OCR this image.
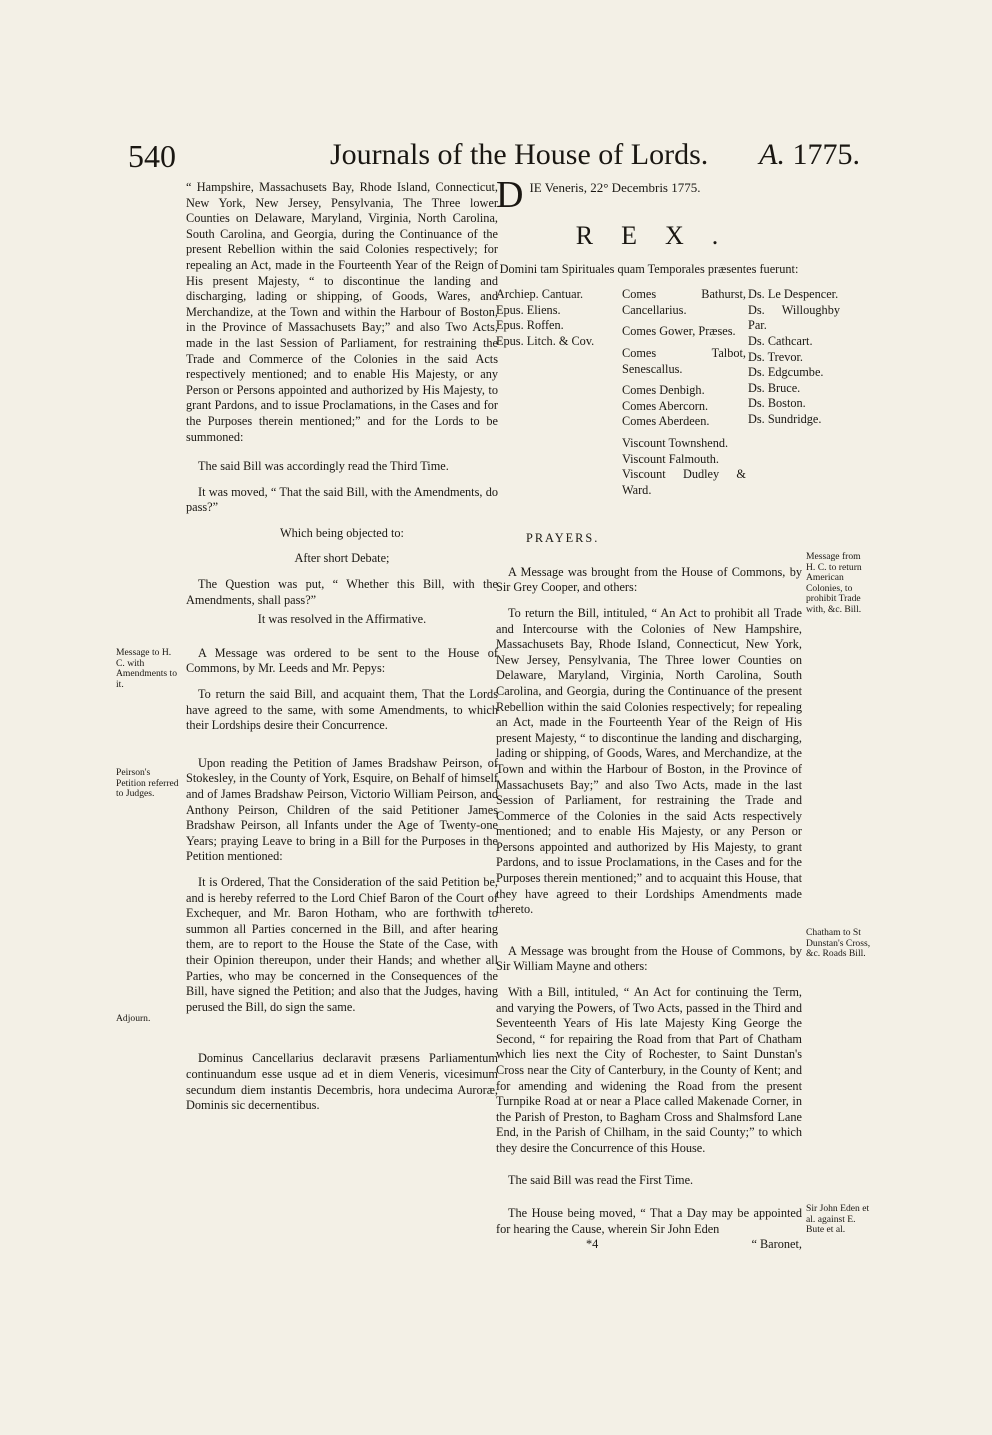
540	Journals of the House of Lords. A. 1775.
Message to H. C. with Amendments to it.
Peirson's Petition referred to Judges.
Adjourn.
Message from H. C. to return American Colonies, to prohibit Trade with, &c. Bill.
Chatham to St Dunstan's Cross, &c. Roads Bill.
Sir John Eden et al. against E. Bute et al.

“ Hampshire, Massachusets Bay, Rhode Island, Connecticut, New York, New Jersey, Pensylvania, The Three lower Counties on Delaware, Maryland, Virginia, North Carolina, South Carolina, and Georgia, during the Continuance of the present Rebellion within the said Colonies respectively; for repealing an Act, made in the Fourteenth Year of the Reign of His present Majesty, “ to discontinue the landing and discharging, lading or shipping, of Goods, Wares, and Merchandize, at the Town and within the Harbour of Boston, in the Province of Massachusets Bay;” and also Two Acts, made in the last Session of Parliament, for restraining the Trade and Commerce of the Colonies in the said Acts respectively mentioned; and to enable His Majesty, or any Person or Persons appointed and authorized by His Majesty, to grant Pardons, and to issue Proclamations, in the Cases and for the Purposes therein mentioned;” and for the Lords to be summoned:

The said Bill was accordingly read the Third Time.

It was moved, “ That the said Bill, with the Amendments, do pass?”

Which being objected to:

After short Debate;

The Question was put, “ Whether this Bill, with the Amendments, shall pass?”

It was resolved in the Affirmative.

A Message was ordered to be sent to the House of Commons, by Mr. Leeds and Mr. Pepys:

To return the said Bill, and acquaint them, That the Lords have agreed to the same, with some Amendments, to which their Lordships desire their Concurrence.

Upon reading the Petition of James Bradshaw Peirson, of Stokesley, in the County of York, Esquire, on Behalf of himself and of James Bradshaw Peirson, Victorio William Peirson, and Anthony Peirson, Children of the said Petitioner James Bradshaw Peirson, all Infants under the Age of Twenty-one Years; praying Leave to bring in a Bill for the Purposes in the Petition mentioned:

It is Ordered, That the Consideration of the said Petition be, and is hereby referred to the Lord Chief Baron of the Court of Exchequer, and Mr. Baron Hotham, who are forthwith to summon all Parties concerned in the Bill, and after hearing them, are to report to the House the State of the Case, with their Opinion thereupon, under their Hands; and whether all Parties, who may be concerned in the Consequences of the Bill, have signed the Petition; and also that the Judges, having perused the Bill, do sign the same.

Dominus Cancellarius declaravit præsens Parliamentum continuandum esse usque ad et in diem Veneris, vicesimum secundum diem instantis Decembris, hora undecima Auroræ, Dominis sic decernentibus.

D IE Veneris, 22° Decembris 1775.
REX.

Domini tam Spirituales quam Temporales præsentes fuerunt:

Archiep. Cantuar.
Epus. Eliens.
Epus. Roffen.
Epus. Litch. & Cov.
Comes Bathurst, Cancellarius.
Comes Gower, Præses.
Comes Talbot, Senescallus.
Comes Denbigh.
Comes Abercorn.
Comes Aberdeen.
Viscount Townshend.
Viscount Falmouth.
Viscount Dudley & Ward.
Ds. Le Despencer.
Ds. Willoughby Par.
Ds. Cathcart.
Ds. Trevor.
Ds. Edgcumbe.
Ds. Bruce.
Ds. Boston.
Ds. Sundridge.
PRAYERS.

A Message was brought from the House of Commons, by Sir Grey Cooper, and others:

To return the Bill, intituled, “ An Act to prohibit all Trade and Intercourse with the Colonies of New Hampshire, Massachusets Bay, Rhode Island, Connecticut, New York, New Jersey, Pensylvania, The Three lower Counties on Delaware, Maryland, Virginia, North Carolina, South Carolina, and Georgia, during the Continuance of the present Rebellion within the said Colonies respectively; for repealing an Act, made in the Fourteenth Year of the Reign of His present Majesty, “ to discontinue the landing and discharging, lading or shipping, of Goods, Wares, and Merchandize, at the Town and within the Harbour of Boston, in the Province of Massachusets Bay;” and also Two Acts, made in the last Session of Parliament, for restraining the Trade and Commerce of the Colonies in the said Acts respectively mentioned; and to enable His Majesty, or any Person or Persons appointed and authorized by His Majesty, to grant Pardons, and to issue Proclamations, in the Cases and for the Purposes therein mentioned;” and to acquaint this House, that they have agreed to their Lordships Amendments made thereto.

A Message was brought from the House of Commons, by Sir William Mayne and others:

With a Bill, intituled, “ An Act for continuing the Term, and varying the Powers, of Two Acts, passed in the Third and Seventeenth Years of His late Majesty King George the Second, “ for repairing the Road from that Part of Chatham which lies next the City of Rochester, to Saint Dunstan's Cross near the City of Canterbury, in the County of Kent; and for amending and widening the Road from the present Turnpike Road at or near a Place called Makenade Corner, in the Parish of Preston, to Bagham Cross and Shalmsford Lane End, in the Parish of Chilham, in the said County;” to which they desire the Concurrence of this House.

The said Bill was read the First Time.

The House being moved, “ That a Day may be appointed for hearing the Cause, wherein Sir John Eden

*4	“ Baronet,
